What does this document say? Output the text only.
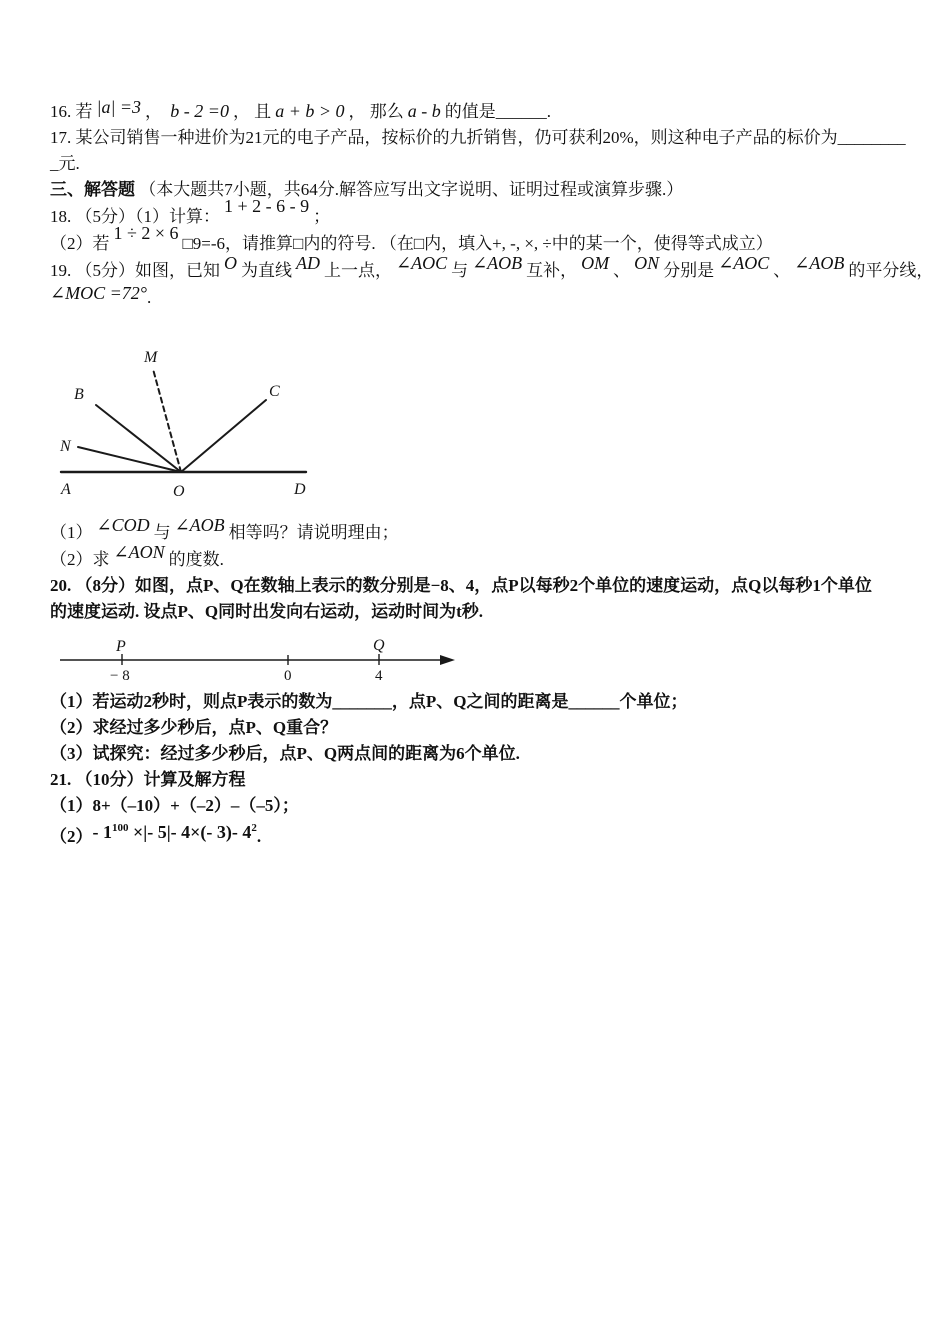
16. 若 |a| =3 ， b - 2 =0 ， 且 a + b > 0 ， 那么 a - b 的值是______.

17. 某公司销售一种进价为21元的电子产品，按标价的九折销售，仍可获利20%，则这种电子产品的标价为________

_元.

三、解答题 （本大题共7小题，共64分.解答应写出文字说明、证明过程或演算步骤.）

18. （5分）（1）计算：1 + 2 - 6 - 9；

（2）若1 ÷ 2 × 6□9=-6，请推算□内的符号. （在□内，填入+, -, ×, ÷中的某一个，使得等式成立）

19. （5分）如图，已知 O 为直线 AD 上一点， ∠AOC 与 ∠AOB 互补， OM 、 ON 分别是 ∠AOC 、 ∠AOB 的平分线，

∠MOC =72°.

B
M
C
N
A	O	D

（1） ∠COD 与 ∠AOB 相等吗？请说明理由；

（2）求 ∠AON 的度数.

20. （8分）如图，点P、Q在数轴上表示的数分别是−8、4，点P以每秒2个单位的速度运动，点Q以每秒1个单位

的速度运动. 设点P、Q同时出发向右运动，运动时间为t秒.

P	Q
− 8	0	4

（1）若运动2秒时，则点P表示的数为_______，点P、Q之间的距离是______个单位；

（2）求经过多少秒后，点P、Q重合？

（3）试探究：经过多少秒后，点P、Q两点间的距离为6个单位.

21. （10分）计算及解方程

（1）8+（–10）+（–2）–（–5）；

（2）- $1^{100}$ ×|- 5|- 4×(- 3)- $4^2$.
